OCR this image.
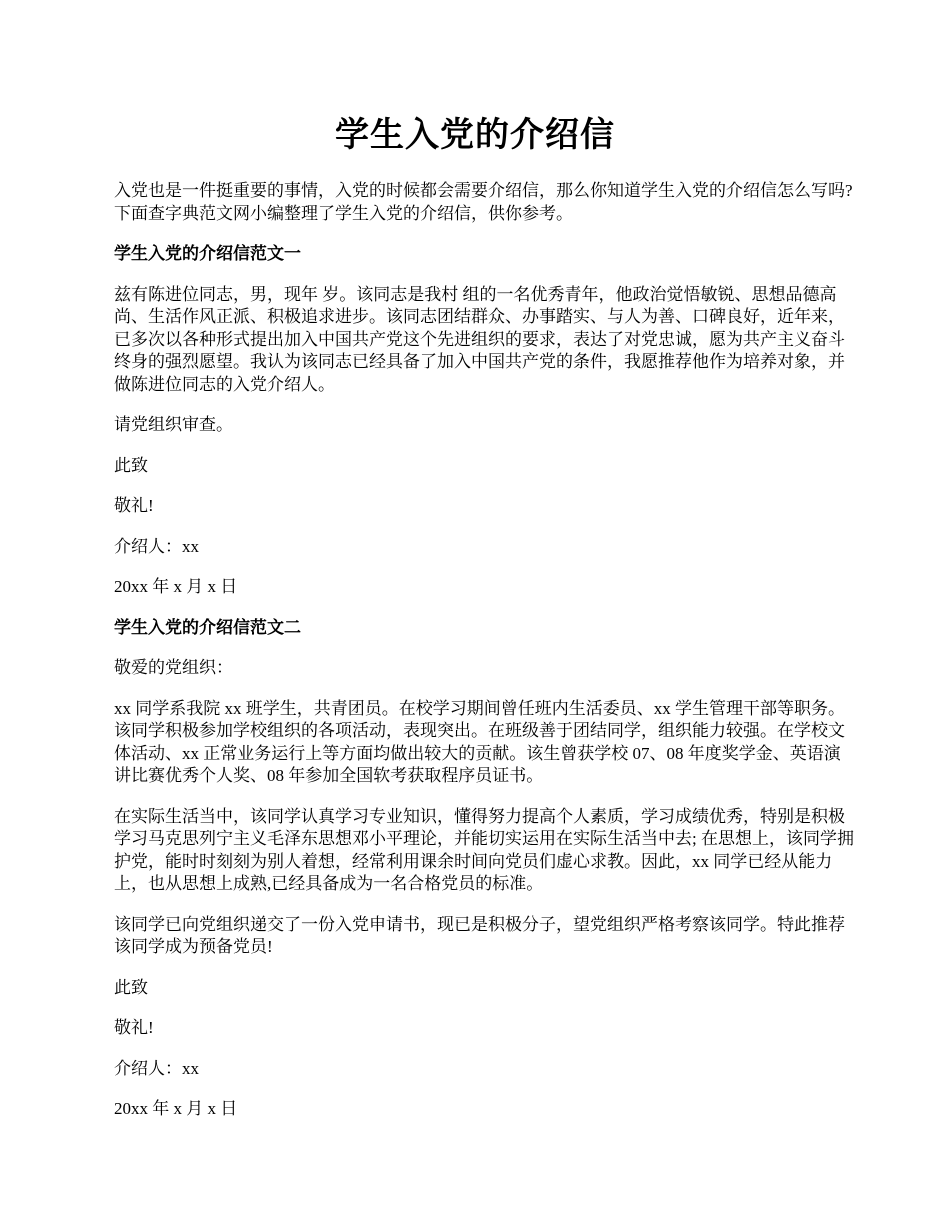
学生入党的介绍信

入党也是一件挺重要的事情，入党的时候都会需要介绍信，那么你知道学生入党的介绍信怎么写吗?下面查字典范文网小编整理了学生入党的介绍信，供你参考。

学生入党的介绍信范文一

兹有陈进位同志，男，现年 岁。该同志是我村 组的一名优秀青年，他政治觉悟敏锐、思想品德高尚、生活作风正派、积极追求进步。该同志团结群众、办事踏实、与人为善、口碑良好，近年来，已多次以各种形式提出加入中国共产党这个先进组织的要求，表达了对党忠诚，愿为共产主义奋斗终身的强烈愿望。我认为该同志已经具备了加入中国共产党的条件，我愿推荐他作为培养对象，并做陈进位同志的入党介绍人。

请党组织审查。

此致

敬礼!

介绍人：xx

20xx 年 x 月 x 日

学生入党的介绍信范文二

敬爱的党组织：

xx 同学系我院 xx 班学生，共青团员。在校学习期间曾任班内生活委员、xx 学生管理干部等职务。该同学积极参加学校组织的各项活动，表现突出。在班级善于团结同学，组织能力较强。在学校文体活动、xx 正常业务运行上等方面均做出较大的贡献。该生曾获学校 07、08 年度奖学金、英语演讲比赛优秀个人奖、08 年参加全国软考获取程序员证书。

在实际生活当中，该同学认真学习专业知识，懂得努力提高个人素质，学习成绩优秀，特别是积极学习马克思列宁主义毛泽东思想邓小平理论，并能切实运用在实际生活当中去; 在思想上，该同学拥护党，能时时刻刻为别人着想，经常利用课余时间向党员们虚心求教。因此，xx 同学已经从能力上，也从思想上成熟,已经具备成为一名合格党员的标准。

该同学已向党组织递交了一份入党申请书，现已是积极分子，望党组织严格考察该同学。特此推荐该同学成为预备党员!

此致

敬礼!

介绍人：xx

20xx 年 x 月 x 日
